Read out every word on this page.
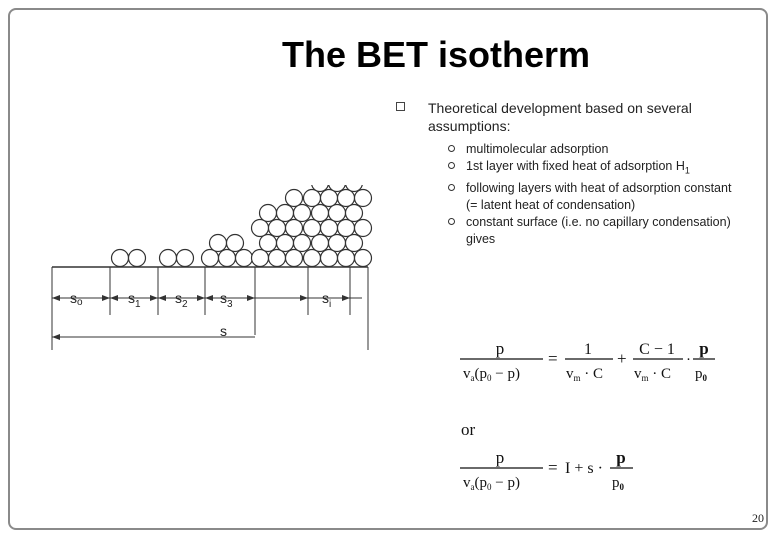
The BET isotherm
Theoretical development based on several assumptions:
multimolecular adsorption
1st layer with fixed heat of adsorption $H_1$
following layers with heat of adsorption constant (= latent heat of condensation)
constant surface (i.e. no capillary condensation) gives
so	$s_1$ $s_2$ $s_3$	$s_i$
s
p
$v_a(p_0 - p)$
= 1
$v_m \cdot C$
+ C − 1
$v_m \cdot C$
·
p
$p_0$
or
p
$v_a(p_0 - p)$
= I + s ·
p
$p_0$
20
